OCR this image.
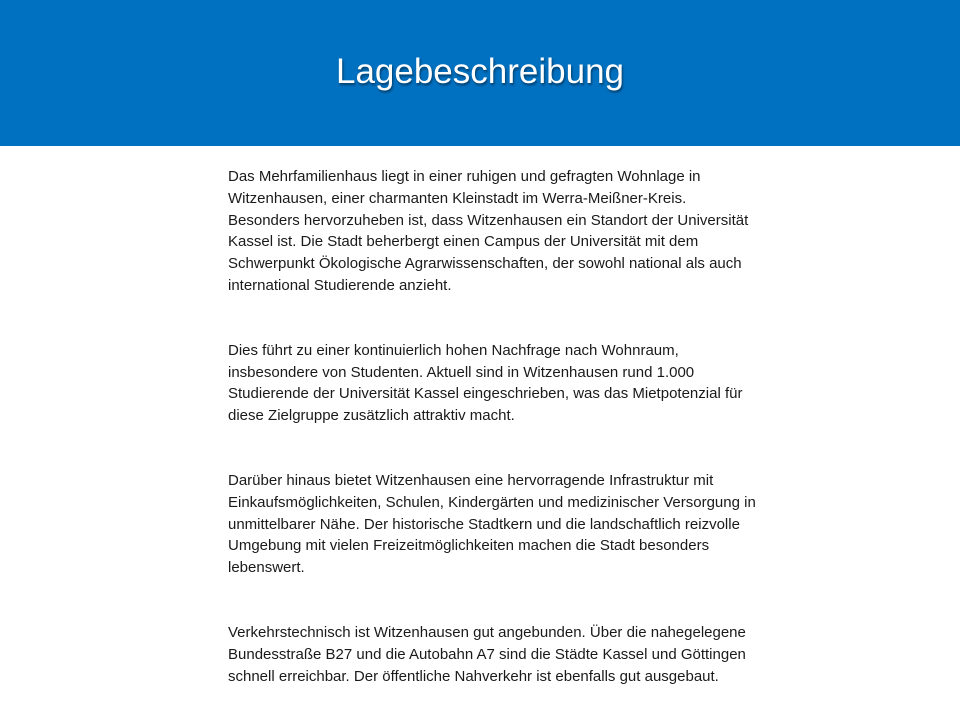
Lagebeschreibung

Das Mehrfamilienhaus liegt in einer ruhigen und gefragten Wohnlage in Witzenhausen, einer charmanten Kleinstadt im Werra-Meißner-Kreis. Besonders hervorzuheben ist, dass Witzenhausen ein Standort der Universität Kassel ist. Die Stadt beherbergt einen Campus der Universität mit dem Schwerpunkt Ökologische Agrarwissenschaften, der sowohl national als auch international Studierende anzieht.

Dies führt zu einer kontinuierlich hohen Nachfrage nach Wohnraum, insbesondere von Studenten. Aktuell sind in Witzenhausen rund 1.000 Studierende der Universität Kassel eingeschrieben, was das Mietpotenzial für diese Zielgruppe zusätzlich attraktiv macht.

Darüber hinaus bietet Witzenhausen eine hervorragende Infrastruktur mit Einkaufsmöglichkeiten, Schulen, Kindergärten und medizinischer Versorgung in unmittelbarer Nähe. Der historische Stadtkern und die landschaftlich reizvolle Umgebung mit vielen Freizeitmöglichkeiten machen die Stadt besonders lebenswert.

Verkehrstechnisch ist Witzenhausen gut angebunden. Über die nahegelegene Bundesstraße B27 und die Autobahn A7 sind die Städte Kassel und Göttingen schnell erreichbar. Der öffentliche Nahverkehr ist ebenfalls gut ausgebaut.
